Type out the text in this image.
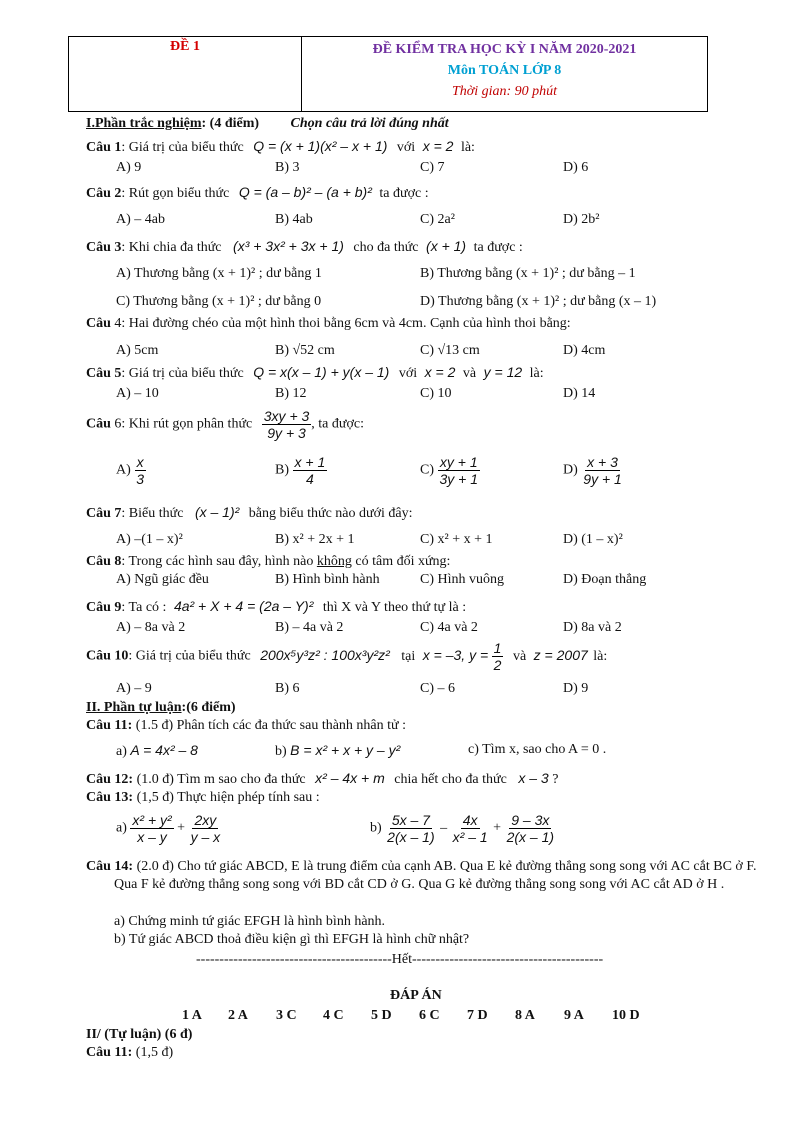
ĐỀ 1	ĐỀ KIỂM TRA HỌC KỲ I NĂM 2020-2021
Môn TOÁN LỚP 8
Thời gian: 90 phút
I.Phần trắc nghiệm: (4 điểm) Chọn câu trả lời đúng nhất
Câu 1: Giá trị của biểu thức Q = (x + 1)(x² – x + 1) với x = 2 là:
A) 9	B) 3	C) 7	D) 6
Câu 2: Rút gọn biểu thức Q = (a – b)² – (a + b)² ta được :
A) – 4ab	B) 4ab	C) 2a²	D) 2b²
Câu 3: Khi chia đa thức (x³ + 3x² + 3x + 1) cho đa thức (x + 1) ta được :
A) Thương bằng (x + 1)² ; dư bằng 1	B) Thương bằng (x + 1)² ; dư bằng – 1
C) Thương bằng (x + 1)² ; dư bằng 0	D) Thương bằng (x + 1)² ; dư bằng (x – 1)
Câu 4: Hai đường chéo của một hình thoi bằng 6cm và 4cm. Cạnh của hình thoi bằng:
A) 5cm	B) √52 cm	C) √13 cm	D) 4cm
Câu 5: Giá trị của biểu thức Q = x(x – 1) + y(x – 1) với x = 2 và y = 12 là:
A) – 10	B) 12	C) 10	D) 14
Câu 6: Khi rút gọn phân thức $\frac{3xy + 3}{9y + 3}$ , ta được:
$A) \frac{x}{3}$	$B) \frac{x + 1}{4}$	$C) \frac{xy + 1}{3y + 1}$	$D) \frac{x + 3}{9y + 1}$
Câu 7: Biểu thức (x – 1)² bằng biểu thức nào dưới đây:
A) –(1 – x)²	B) x² + 2x + 1	C) x² + x + 1	D) (1 – x)²
Câu 8: Trong các hình sau đây, hình nào không có tâm đối xứng:
A) Ngũ giác đều	B) Hình bình hành	C) Hình vuông	D) Đoạn thẳng
Câu 9: Ta có : 4a² + X + 4 = (2a – Y)² thì X và Y theo thứ tự là :
A) – 8a và 2	B) – 4a và 2	C) 4a và 2	D) 8a và 2
Câu 10: Giá trị của biểu thức 200x⁵y³z² : 100x³y²z² tại x = –3, $y = \frac{1}{2}$ và z = 2007 là:
A) – 9	B) 6	C) – 6	D) 9
II. Phần tự luận:(6 điểm)
Câu 11: (1.5 đ) Phân tích các đa thức sau thành nhân tử :
a) A = 4x² – 8	b) B = x² + x + y – y²	c) Tìm x, sao cho A = 0 .
Câu 12: (1.0 đ) Tìm m sao cho đa thức x² – 4x + m chia hết cho đa thức x – 3 ?
Câu 13: (1,5 đ) Thực hiện phép tính sau :
$a) \frac{\text{x² + y²}}{x - y} + \frac{2xy}{y - x}$	$b) \frac{5x - 7}{2(x - 1)} - \frac{4x}{\text{x² – 1}} + \frac{9 - 3x}{2(x - 1)}$
Câu 14: (2.0 đ) Cho tứ giác ABCD, E là trung điểm của cạnh AB. Qua E kẻ đường thẳng song song với AC cắt BC ở F. Qua F kẻ đường thẳng song song với BD cắt CD ở G. Qua G kẻ đường thẳng song song với AC cắt AD ở H .
a) Chứng minh tứ giác EFGH là hình bình hành.
b) Tứ giác ABCD thoả điều kiện gì thì EFGH là hình chữ nhật?
------------------------------------------Hết-----------------------------------------
ĐÁP ÁN
1 A 2 A 3 C 4 C 5 D 6 C 7 D 8 A 9 A 10 D
II/ (Tự luận) (6 đ)
Câu 11: (1,5 đ)
